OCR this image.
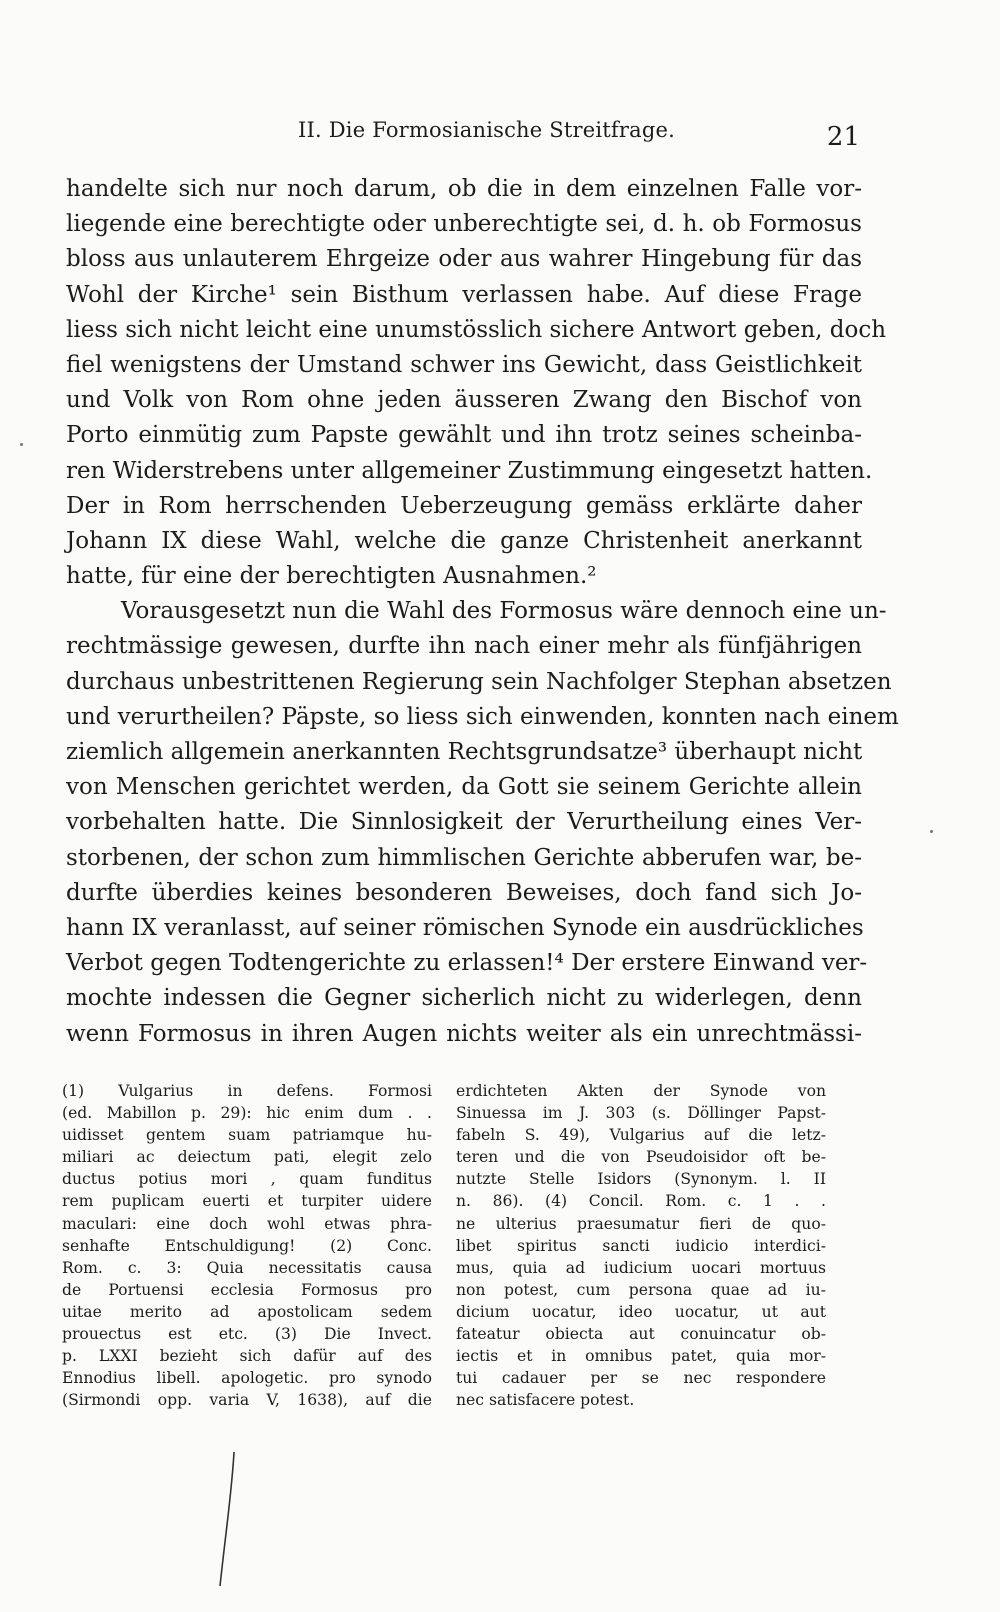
II. Die Formosianische Streitfrage.	21
handelte sich nur noch darum, ob die in dem einzelnen Falle vor-
liegende eine berechtigte oder unberechtigte sei, d. h. ob Formosus
bloss aus unlauterem Ehrgeize oder aus wahrer Hingebung für das
Wohl der Kirche¹ sein Bisthum verlassen habe. Auf diese Frage
liess sich nicht leicht eine unumstösslich sichere Antwort geben, doch
fiel wenigstens der Umstand schwer ins Gewicht, dass Geistlichkeit
und Volk von Rom ohne jeden äusseren Zwang den Bischof von
Porto einmütig zum Papste gewählt und ihn trotz seines scheinba-
ren Widerstrebens unter allgemeiner Zustimmung eingesetzt hatten.
Der in Rom herrschenden Ueberzeugung gemäss erklärte daher
Johann IX diese Wahl, welche die ganze Christenheit anerkannt
hatte, für eine der berechtigten Ausnahmen.²
Vorausgesetzt nun die Wahl des Formosus wäre dennoch eine un-
rechtmässige gewesen, durfte ihn nach einer mehr als fünfjährigen
durchaus unbestrittenen Regierung sein Nachfolger Stephan absetzen
und verurtheilen? Päpste, so liess sich einwenden, konnten nach einem
ziemlich allgemein anerkannten Rechtsgrundsatze³ überhaupt nicht
von Menschen gerichtet werden, da Gott sie seinem Gerichte allein
vorbehalten hatte. Die Sinnlosigkeit der Verurtheilung eines Ver-
storbenen, der schon zum himmlischen Gerichte abberufen war, be-
durfte überdies keines besonderen Beweises, doch fand sich Jo-
hann IX veranlasst, auf seiner römischen Synode ein ausdrückliches
Verbot gegen Todtengerichte zu erlassen!⁴ Der erstere Einwand ver-
mochte indessen die Gegner sicherlich nicht zu widerlegen, denn
wenn Formosus in ihren Augen nichts weiter als ein unrechtmässi-
(1) Vulgarius in defens. Formosi
(ed. Mabillon p. 29): hic enim dum . .
uidisset gentem suam patriamque hu-
miliari ac deiectum pati, elegit zelo
ductus potius mori , quam funditus
rem puplicam euerti et turpiter uidere
maculari: eine doch wohl etwas phra-
senhafte Entschuldigung! (2) Conc.
Rom. c. 3: Quia necessitatis causa
de Portuensi ecclesia Formosus pro
uitae merito ad apostolicam sedem
prouectus est etc. (3) Die Invect.
p. LXXI bezieht sich dafür auf des
Ennodius libell. apologetic. pro synodo
(Sirmondi opp. varia V, 1638), auf die
erdichteten Akten der Synode von
Sinuessa im J. 303 (s. Döllinger Papst-
fabeln S. 49), Vulgarius auf die letz-
teren und die von Pseudoisidor oft be-
nutzte Stelle Isidors (Synonym. l. II
n. 86). (4) Concil. Rom. c. 1 . .
ne ulterius praesumatur fieri de quo-
libet spiritus sancti iudicio interdici-
mus, quia ad iudicium uocari mortuus
non potest, cum persona quae ad iu-
dicium uocatur, ideo uocatur, ut aut
fateatur obiecta aut conuincatur ob-
iectis et in omnibus patet, quia mor-
tui cadauer per se nec respondere
nec satisfacere potest.
